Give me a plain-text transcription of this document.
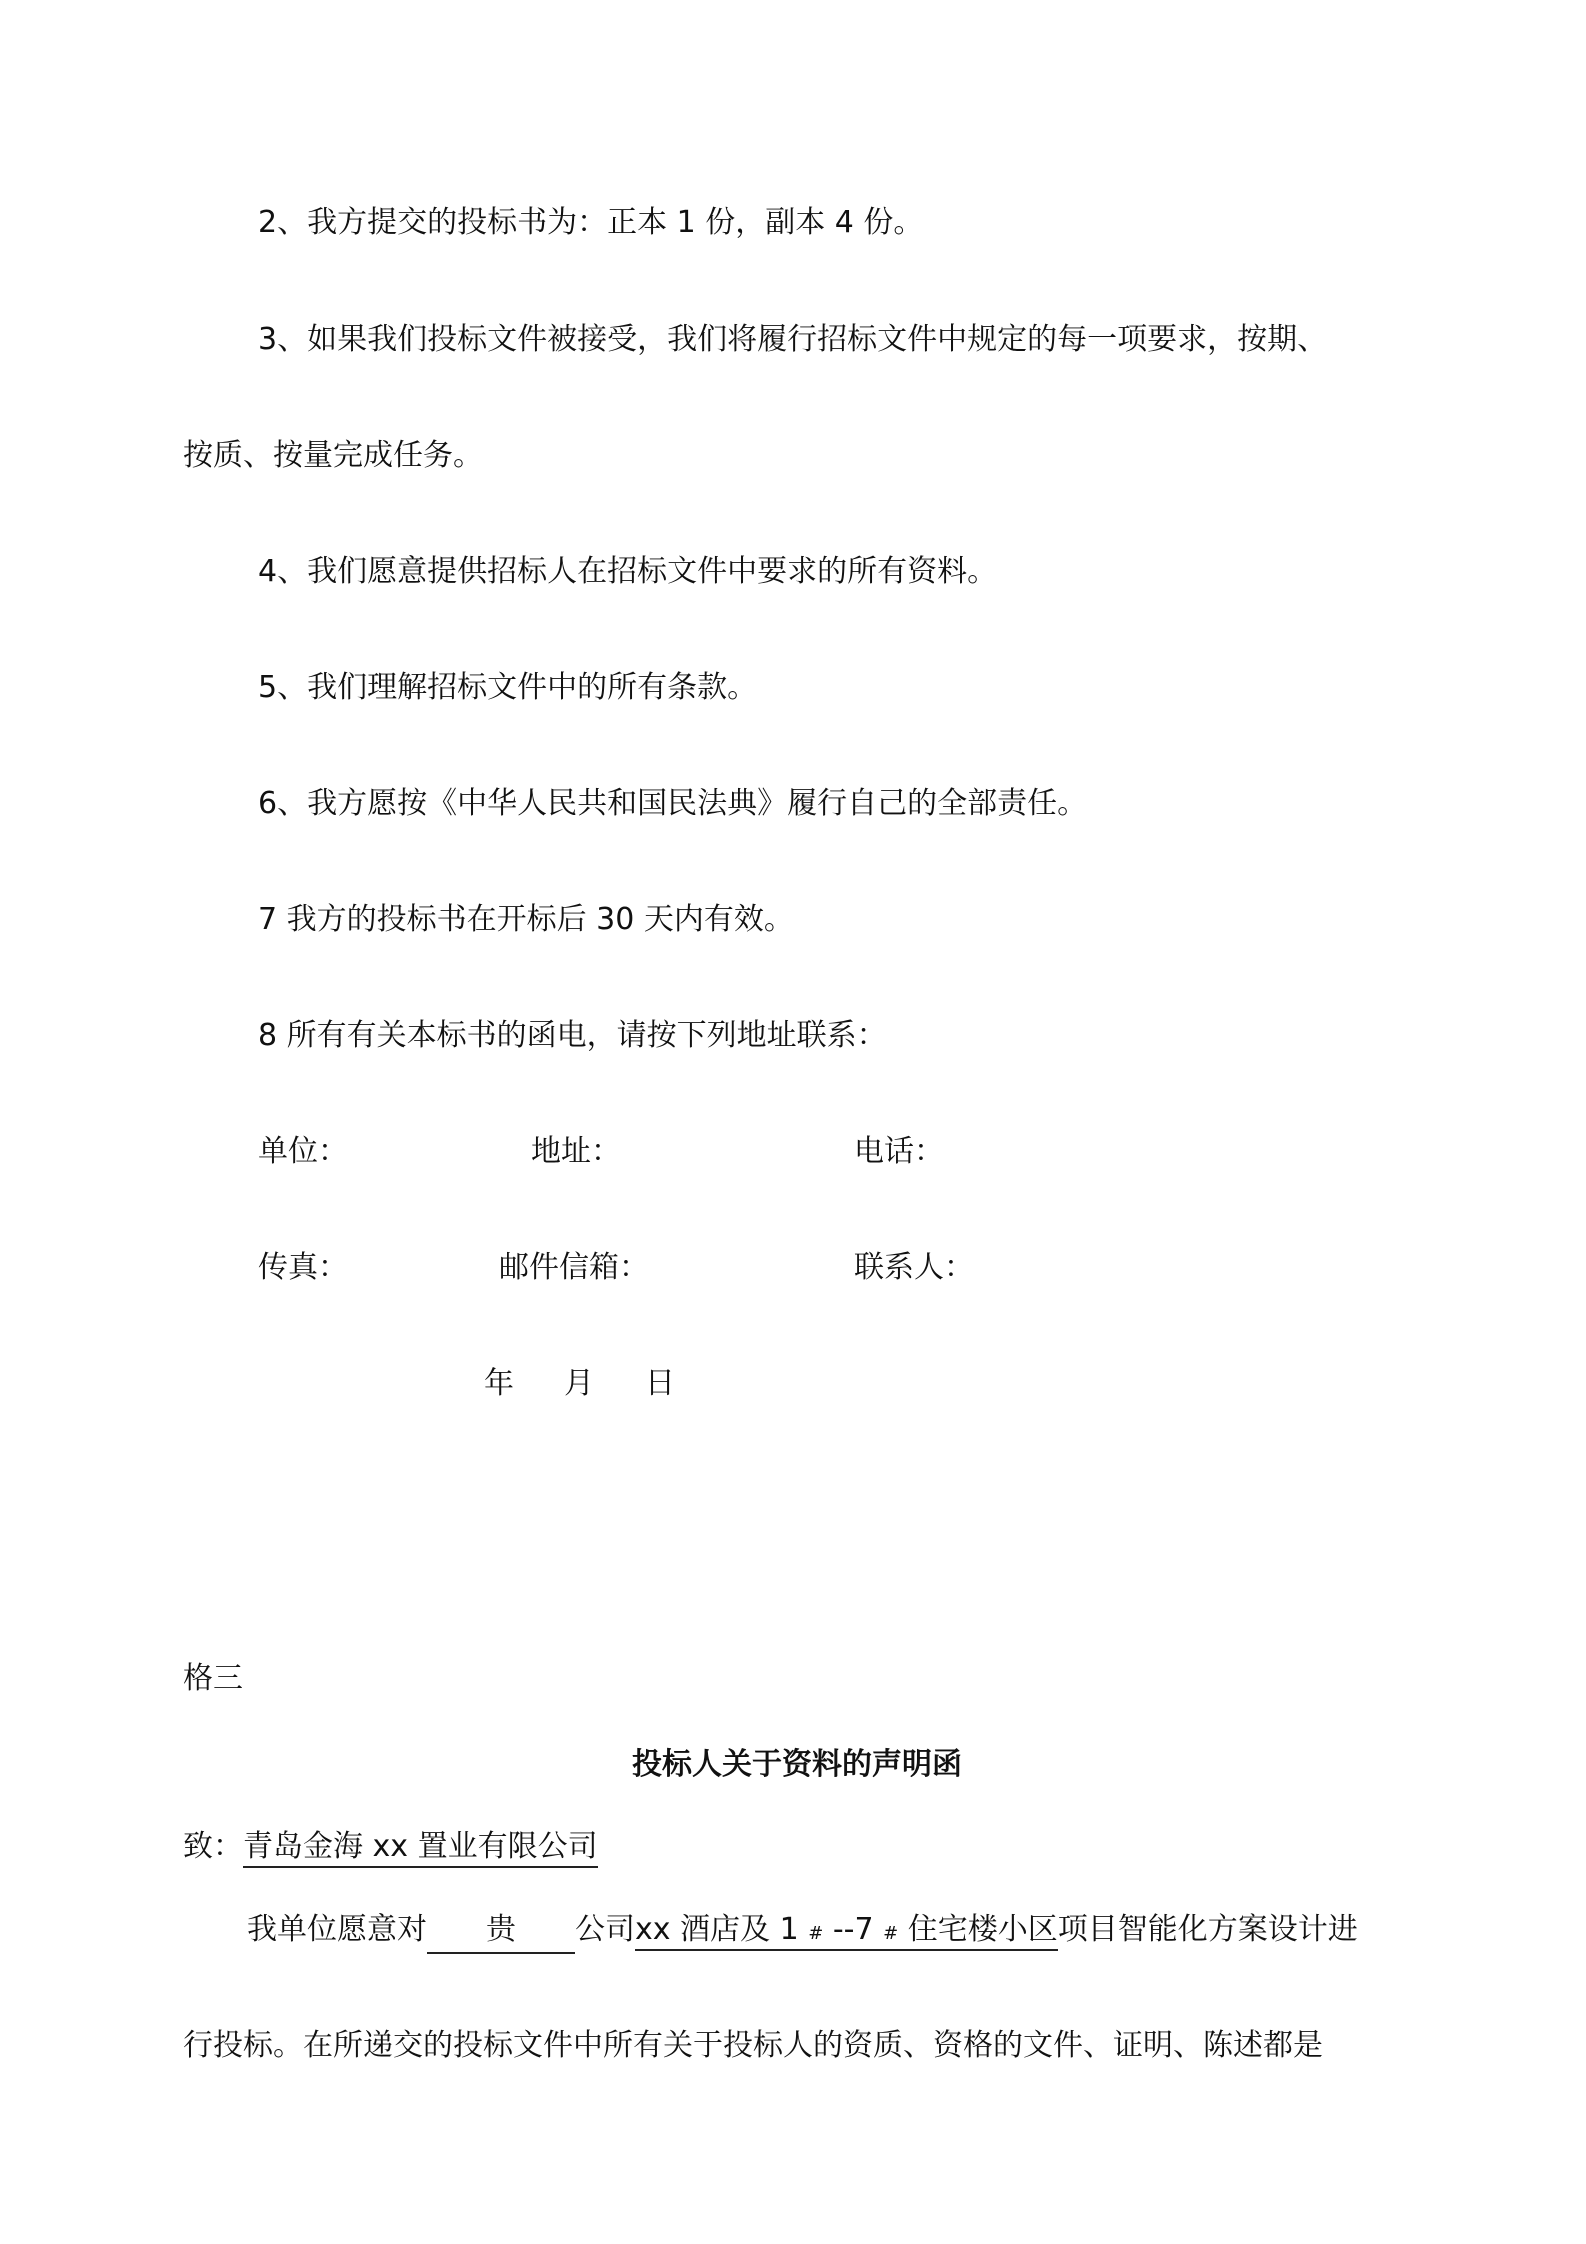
2、我方提交的投标书为：正本 1 份，副本 4 份。
3、如果我们投标文件被接受，我们将履行招标文件中规定的每一项要求，按期、
按质、按量完成任务。
4、我们愿意提供招标人在招标文件中要求的所有资料。
5、我们理解招标文件中的所有条款。
6、我方愿按《中华人民共和国民法典》履行自己的全部责任。
7 我方的投标书在开标后 30 天内有效。
8 所有有关本标书的函电，请按下列地址联系：
单位：	地址：	电话：
传真：	邮件信箱：	联系人：
年 月 日
格三
投标人关于资料的声明函
致：青岛金海 xx 置业有限公司
我单位愿意对 贵 公司xx 酒店及 1 # --7 # 住宅楼小区项目智能化方案设计进
行投标。在所递交的投标文件中所有关于投标人的资质、资格的文件、证明、陈述都是
